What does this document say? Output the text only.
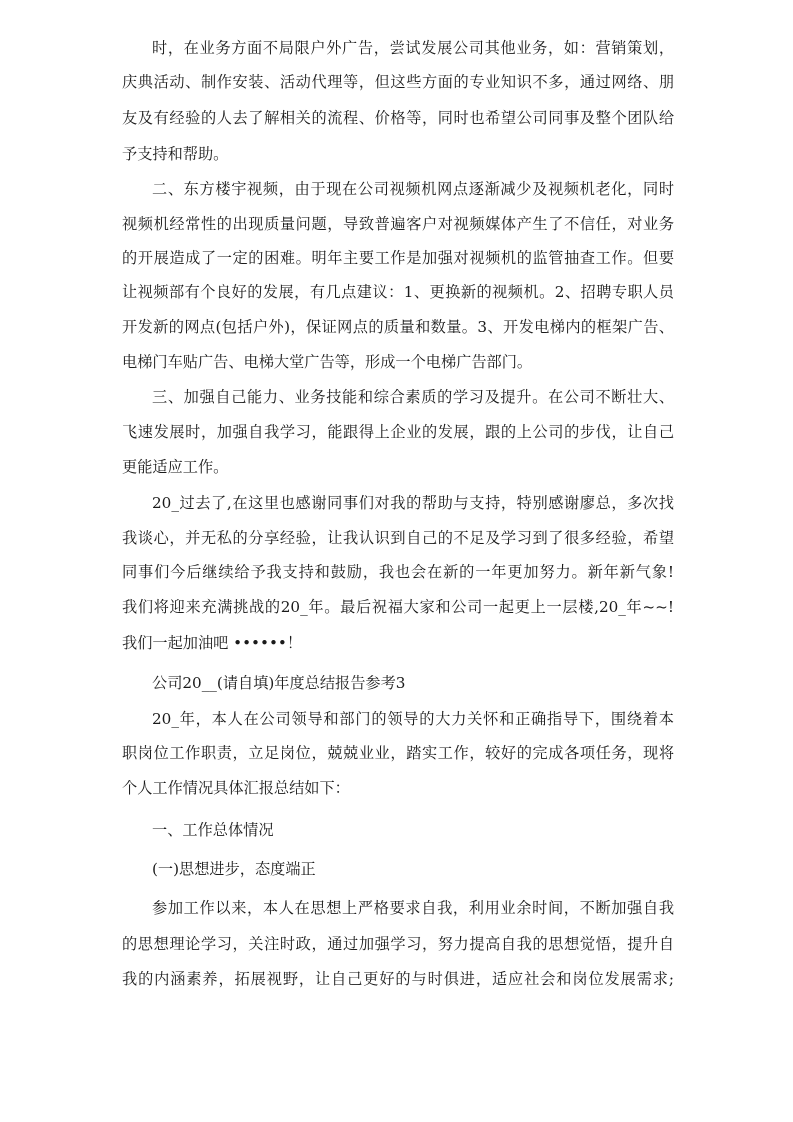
时，在业务方面不局限户外广告，尝试发展公司其他业务，如：营销策划，
庆典活动、制作安装、活动代理等，但这些方面的专业知识不多，通过网络、朋
友及有经验的人去了解相关的流程、价格等，同时也希望公司同事及整个团队给
予支持和帮助。
二、东方楼宇视频，由于现在公司视频机网点逐渐减少及视频机老化，同时
视频机经常性的出现质量问题，导致普遍客户对视频媒体产生了不信任，对业务
的开展造成了一定的困难。明年主要工作是加强对视频机的监管抽查工作。但要
让视频部有个良好的发展，有几点建议：1、更换新的视频机。2、招聘专职人员
开发新的网点(包括户外)，保证网点的质量和数量。3、开发电梯内的框架广告、
电梯门车贴广告、电梯大堂广告等，形成一个电梯广告部门。
三、加强自己能力、业务技能和综合素质的学习及提升。在公司不断壮大、
飞速发展时，加强自我学习，能跟得上企业的发展，跟的上公司的步伐，让自己
更能适应工作。
20_过去了,在这里也感谢同事们对我的帮助与支持，特别感谢廖总，多次找
我谈心，并无私的分享经验，让我认识到自己的不足及学习到了很多经验，希望
同事们今后继续给予我支持和鼓励，我也会在新的一年更加努力。新年新气象!
我们将迎来充满挑战的20_年。最后祝福大家和公司一起更上一层楼,20_年~~!
我们一起加油吧 ••••••！
公司20__(请自填)年度总结报告参考3
20_年，本人在公司领导和部门的领导的大力关怀和正确指导下，围绕着本
职岗位工作职责，立足岗位，兢兢业业，踏实工作，较好的完成各项任务，现将
个人工作情况具体汇报总结如下：
一、工作总体情况
(一)思想进步，态度端正
参加工作以来，本人在思想上严格要求自我，利用业余时间，不断加强自我
的思想理论学习，关注时政，通过加强学习，努力提高自我的思想觉悟，提升自
我的内涵素养，拓展视野，让自己更好的与时俱进，适应社会和岗位发展需求;
